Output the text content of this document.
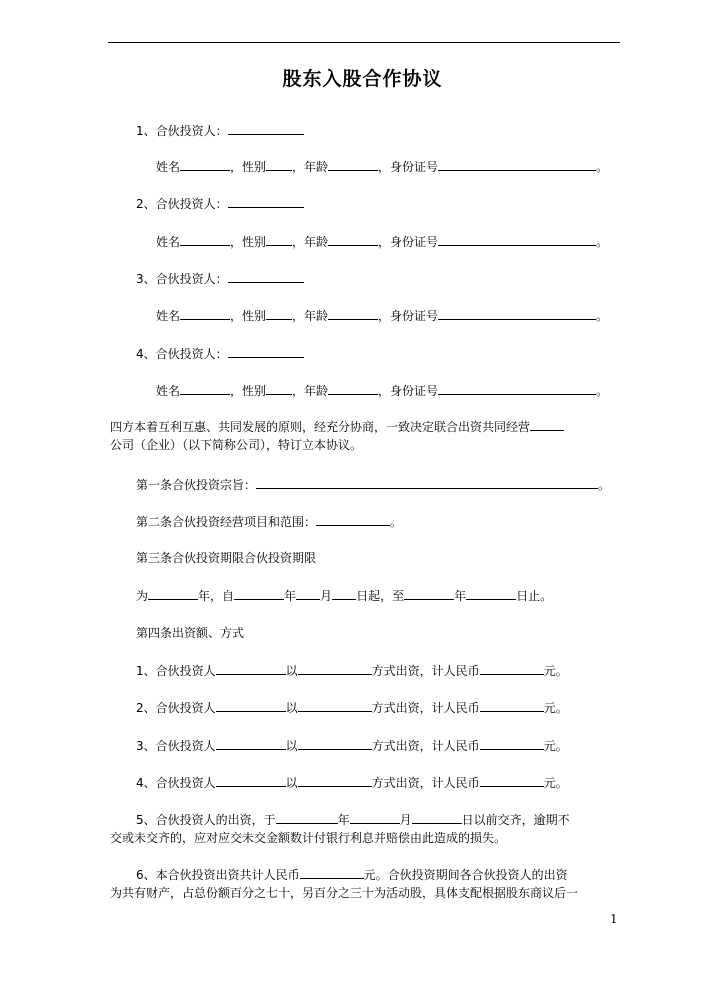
股东入股合作协议
1、合伙投资人：
姓名	，性别 ，年龄	，身份证号	。
2、合伙投资人：
姓名	，性别 ，年龄	，身份证号	。
3、合伙投资人：
姓名	，性别 ，年龄	，身份证号	。
4、合伙投资人：
姓名	，性别 ，年龄	，身份证号	。
四方本着互利互惠、共同发展的原则，经充分协商，一致决定联合出资共同经营
公司（企业）（以下简称公司），特订立本协议。
第一条合伙投资宗旨：	。
第二条合伙投资经营项目和范围：	。
第三条合伙投资期限合伙投资期限
为	年，自	年 月 日起，至	年	日止。
第四条出资额、方式
1、合伙投资人	以	方式出资，计人民币	元。
2、合伙投资人	以	方式出资，计人民币	元。
3、合伙投资人	以	方式出资，计人民币	元。
4、合伙投资人	以	方式出资，计人民币	元。
5、合伙投资人的出资，于	年	月	日以前交齐，逾期不
交或未交齐的，应对应交未交金额数计付银行利息并赔偿由此造成的损失。
6、本合伙投资出资共计人民币	元。合伙投资期间各合伙投资人的出资
为共有财产，占总份额百分之七十，另百分之三十为活动股，具体支配根据股东商议后一
1
